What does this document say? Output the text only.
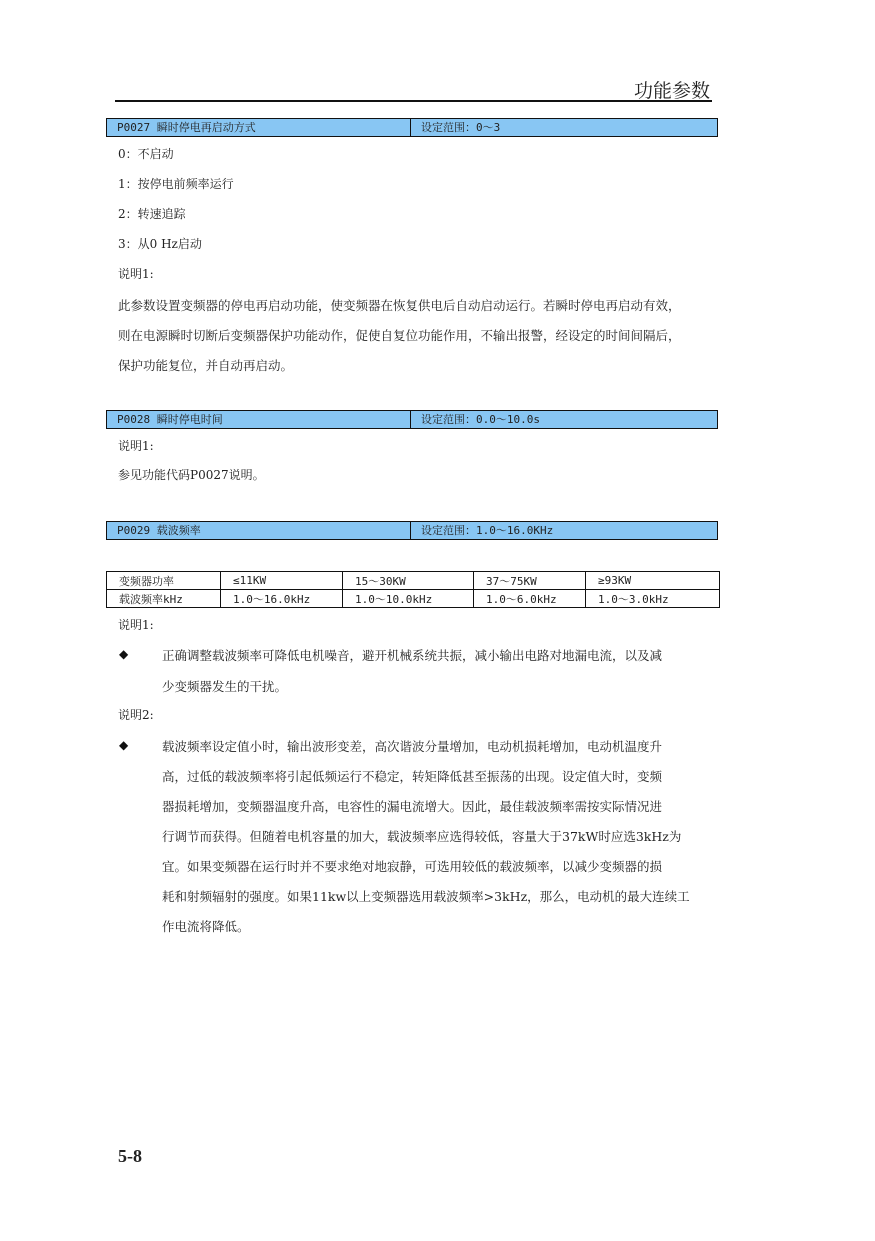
功能参数
P0027 瞬时停电再启动方式	设定范围：0～3
0：不启动
1：按停电前频率运行
2：转速追踪
3：从0 Hz启动
说明1:
此参数设置变频器的停电再启动功能，使变频器在恢复供电后自动启动运行。若瞬时停电再启动有效，
则在电源瞬时切断后变频器保护功能动作，促使自复位功能作用，不输出报警，经设定的时间间隔后，
保护功能复位，并自动再启动。
P0028 瞬时停电时间	设定范围：0.0～10.0s
说明1:
参见功能代码P0027说明。
P0029 载波频率	设定范围：1.0～16.0KHz
变频器功率	≤11KW	15～30KW	37～75KW	≥93KW
载波频率kHz	1.0～16.0kHz	1.0～10.0kHz	1.0～6.0kHz	1.0～3.0kHz
说明1:
◆	正确调整载波频率可降低电机噪音，避开机械系统共振，减小输出电路对地漏电流，以及减
少变频器发生的干扰。
说明2:
◆	载波频率设定值小时，输出波形变差，高次谐波分量增加，电动机损耗增加，电动机温度升
高，过低的载波频率将引起低频运行不稳定，转矩降低甚至振荡的出现。设定值大时，变频
器损耗增加，变频器温度升高，电容性的漏电流增大。因此，最佳载波频率需按实际情况进
行调节而获得。但随着电机容量的加大，载波频率应选得较低，容量大于37kW时应选3kHz为
宜。如果变频器在运行时并不要求绝对地寂静，可选用较低的载波频率，以减少变频器的损
耗和射频辐射的强度。如果11kw以上变频器选用载波频率>3kHz，那么，电动机的最大连续工
作电流将降低。
5-8
